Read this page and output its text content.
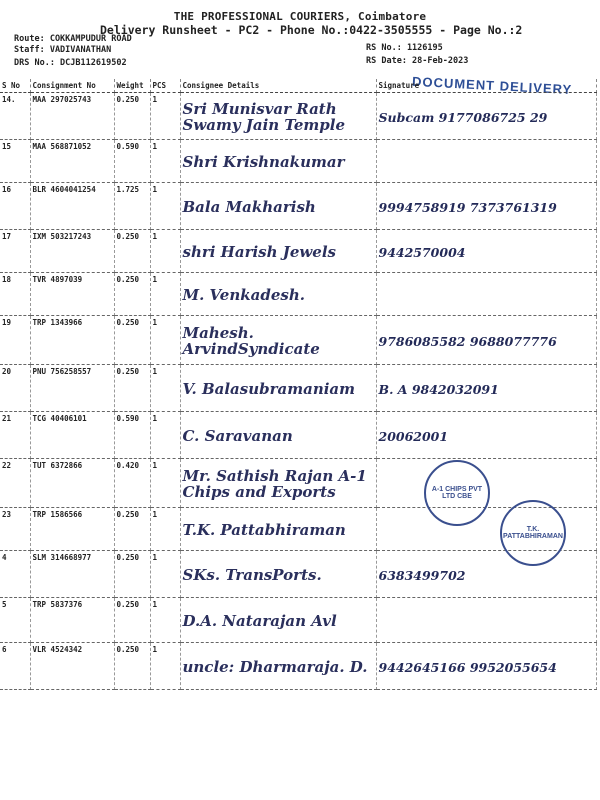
THE PROFESSIONAL COURIERS, Coimbatore
Delivery Runsheet - PC2 - Phone No.:0422-3505555 - Page No.:2
Route: COKKAMPUDUR ROAD
Staff: VADIVANATHAN
DRS No.: DCJB112619502
RS No.: 1126195
RS Date: 28-Feb-2023
DOCUMENT DELIVERY
S No	Consignment No	Weight	PCS	Consignee Details	Signature
14.	MAA 297025743	0.250	1	Sri Munisvar Rath Swamy Jain Temple	Subcam 9177086725 29

15	MAA 568871052	0.590	1	Shri Krishnakumar	

16	BLR 4604041254	1.725	1	Bala Makharish	9994758919 7373761319

17	IXM 503217243	0.250	1	shri Harish Jewels	9442570004

18	TVR 4897039	0.250	1	M. Venkadesh.	

19	TRP 1343966	0.250	1	Mahesh. ArvindSyndicate	9786085582 9688077776

20	PNU 756258557	0.250	1	V. Balasubramaniam	B. A 9842032091

21	TCG 40406101	0.590	1	C. Saravanan	20062001

22	TUT 6372866	0.420	1	Mr. Sathish Rajan A-1 Chips and Exports	

23	TRP 1586566	0.250	1	T.K. Pattabhiraman	

4	SLM 314668977	0.250	1	SKs. TransPorts.	6383499702

5	TRP 5837376	0.250	1	D.A. Natarajan Avl	

6	VLR 4524342	0.250	1	uncle: Dharmaraja. D.	9442645166 9952055654
A-1 CHIPS PVT LTD CBE
T.K. PATTABHIRAMAN
